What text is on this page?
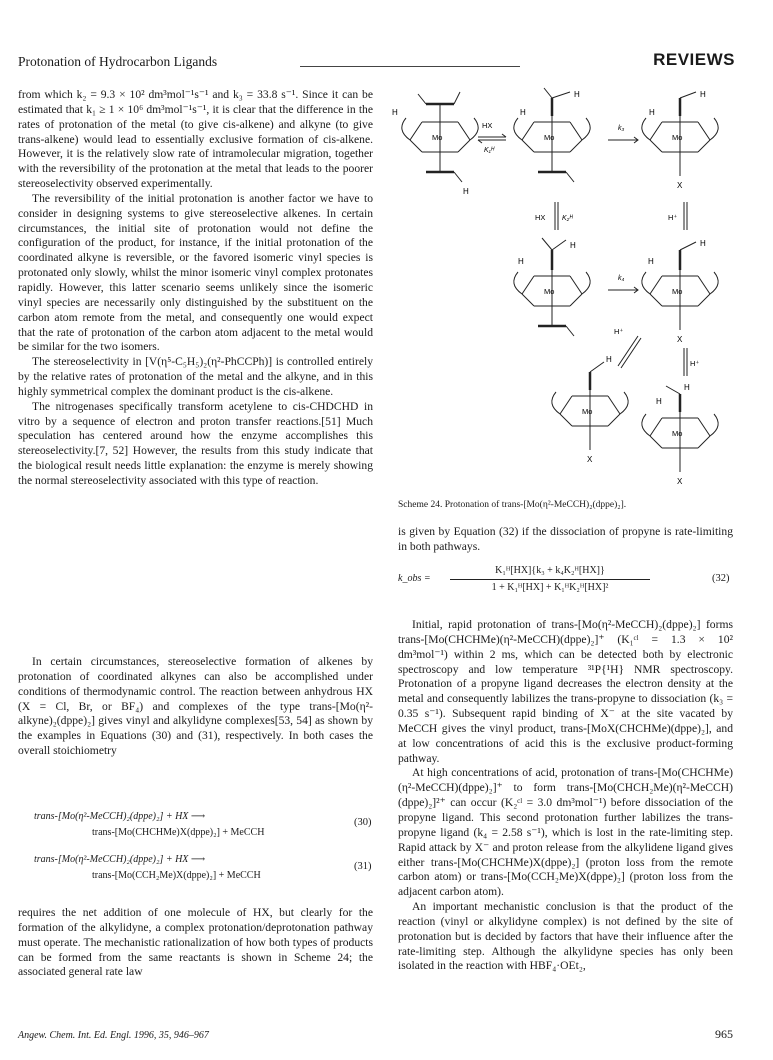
Protonation of Hydrocarbon Ligands	REVIEWS

from which k₂ = 9.3 × 10² dm³mol⁻¹s⁻¹ and k₃ = 33.8 s⁻¹. Since it can be estimated that k₁ ≥ 1 × 10⁶ dm³mol⁻¹s⁻¹, it is clear that the difference in the rates of protonation of the metal (to give cis-alkene) and alkyne (to give trans-alkene) would lead to essentially exclusive formation of cis-alkene. However, it is the relatively slow rate of intramolecular migration, together with the reversibility of the protonation at the metal that leads to the poorer stereoselectivity observed experimentally.

The reversibility of the initial protonation is another factor we have to consider in designing systems to give stereoselective alkenes. In certain circumstances, the initial site of protonation would not define the configuration of the product, for instance, if the initial protonation of the coordinated alkyne is reversible, or the favored isomeric vinyl species is protonated only slowly, whilst the minor isomeric vinyl complex protonates rapidly. However, this latter scenario seems unlikely since the isomeric vinyl species are necessarily only distinguished by the substituent on the carbon atom remote from the metal, and consequently one would expect that the rate of protonation of the carbon atom adjacent to the metal would be similar for the two isomers.

The stereoselectivity in [V(η⁵-C₅H₅)₂(η²-PhCCPh)] is controlled entirely by the relative rates of protonation of the metal and the alkyne, and in this highly symmetrical complex the dominant product is the cis-alkene.

The nitrogenases specifically transform acetylene to cis-CHDCHD in vitro by a sequence of electron and proton transfer reactions.[51] Much speculation has centered around how the enzyme accomplishes this stereoselectivity.[7, 52] However, the results from this study indicate that the biological result needs little explanation: the enzyme is merely showing the normal stereoselectivity associated with this type of reaction.

In certain circumstances, stereoselective formation of alkenes by protonation of coordinated alkynes can also be accomplished under conditions of thermodynamic control. The reaction between anhydrous HX (X = Cl, Br, or BF₄) and complexes of the type trans-[Mo(η²-alkyne)₂(dppe)₂] gives vinyl and alkylidyne complexes[53, 54] as shown by the examples in Equations (30) and (31), respectively. In both cases the overall stoichiometry

trans-[Mo(η²-MeCCH)₂(dppe)₂] + HX ⟶
trans-[Mo(CHCHMe)X(dppe)₂] + MeCCH
(30)
trans-[Mo(η²-MeCCH)₂(dppe)₂] + HX ⟶
trans-[Mo(CCH₂Me)X(dppe)₂] + MeCCH
(31)

requires the net addition of one molecule of HX, but clearly for the formation of the alkylidyne, a complex protonation/deprotonation pathway must operate. The mechanistic rationalization of how both types of products can be formed from the same reactants is shown in Scheme 24; the associated general rate law

H
H
Mo
HX
K₁ᴴ
H
H
Mo
k₃
H
H
Mo
X
HX K₂ᴴ	H⁺
H
H
Mo
k₄
H
H
Mo
X
H⁺
H⁺
H
Mo
X
H
H
Mo
X
Scheme 24. Protonation of trans-[Mo(η²-MeCCH)₂(dppe)₂].

is given by Equation (32) if the dissociation of propyne is rate-limiting in both pathways.

k_obs =
K₁ᴴ[HX]{k₃ + k₄K₂ᴴ[HX]}
1 + K₁ᴴ[HX] + K₁ᴴK₂ᴴ[HX]²
(32)

Initial, rapid protonation of trans-[Mo(η²-MeCCH)₂(dppe)₂] forms trans-[Mo(CHCHMe)(η²-MeCCH)(dppe)₂]⁺ (K₁ᶜˡ = 1.3 × 10² dm³mol⁻¹) within 2 ms, which can be detected both by electronic spectroscopy and low temperature ³¹P{¹H} NMR spectroscopy. Protonation of a propyne ligand decreases the electron density at the metal and consequently labilizes the trans-propyne to dissociation (k₃ = 0.35 s⁻¹). Subsequent rapid binding of X⁻ at the site vacated by MeCCH gives the vinyl product, trans-[MoX(CHCHMe)(dppe)₂], and at low concentrations of acid this is the exclusive product-forming pathway.

At high concentrations of acid, protonation of trans-[Mo(CHCHMe)(η²-MeCCH)(dppe)₂]⁺ to form trans-[Mo(CHCH₂Me)(η²-MeCCH)(dppe)₂]²⁺ can occur (K₂ᶜˡ = 3.0 dm³mol⁻¹) before dissociation of the propyne ligand. This second protonation further labilizes the trans-propyne ligand (k₄ = 2.58 s⁻¹), which is lost in the rate-limiting step. Rapid attack by X⁻ and proton release from the alkylidene ligand gives either trans-[Mo(CHCHMe)X(dppe)₂] (proton loss from the remote carbon atom) or trans-[Mo(CCH₂Me)X(dppe)₂] (proton loss from the adjacent carbon atom).

An important mechanistic conclusion is that the product of the reaction (vinyl or alkylidyne complex) is not defined by the site of protonation but is decided by factors that have their influence after the rate-limiting step. Although the alkylidyne species has only been isolated in the reaction with HBF₄·OEt₂,

Angew. Chem. Int. Ed. Engl. 1996, 35, 946–967	965
